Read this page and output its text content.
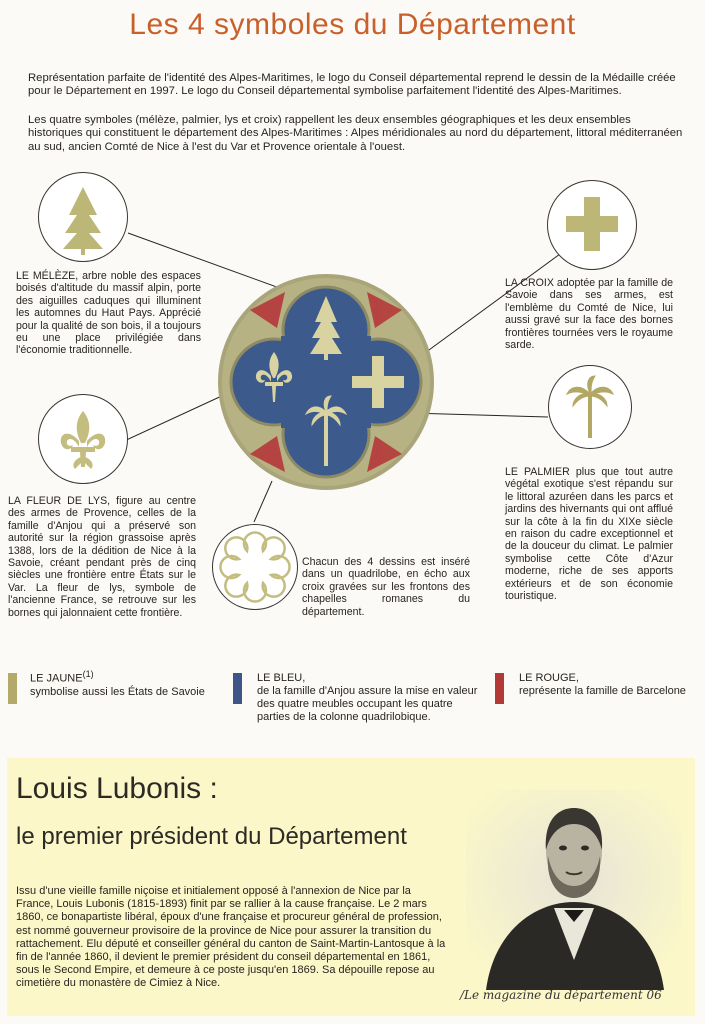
Les 4 symboles du Département
Représentation parfaite de l'identité des Alpes-Maritimes, le logo du Conseil départemental reprend le dessin de la Médaille créée pour le Département en 1997. Le logo du Conseil départemental symbolise parfaitement l'identité des Alpes-Maritimes.
Les quatre symboles (mélèze, palmier, lys et croix) rappellent les deux ensembles géographiques et les deux ensembles historiques qui constituent le département des Alpes-Maritimes : Alpes méridionales au nord du département, littoral méditerranéen au sud, ancien Comté de Nice à l'est du Var et Provence orientale à l'ouest.
LE MÉLÈZE, arbre noble des espaces boisés d'altitude du massif alpin, porte des aiguilles caduques qui illuminent les automnes du Haut Pays. Apprécié pour la qualité de son bois, il a toujours eu une place privilégiée dans l'économie traditionnelle.
LA CROIX adoptée par la famille de Savoie dans ses armes, est l'emblème du Comté de Nice, lui aussi gravé sur la face des bornes frontières tournées vers le royaume sarde.
LA FLEUR DE LYS, figure au centre des armes de Provence, celles de la famille d'Anjou qui a préservé son autorité sur la région grassoise après 1388, lors de la dédition de Nice à la Savoie, créant pendant près de cinq siècles une frontière entre États sur le Var. La fleur de lys, symbole de l'ancienne France, se retrouve sur les bornes qui jalonnaient cette frontière.
LE PALMIER plus que tout autre végétal exotique s'est répandu sur le littoral azuréen dans les parcs et jardins des hivernants qui ont afflué sur la côte à la fin du XIXe siècle en raison du cadre exceptionnel et de la douceur du climat. Le palmier symbolise cette Côte d'Azur moderne, riche de ses apports extérieurs et de son économie touristique.
Chacun des 4 dessins est inséré dans un quadrilobe, en écho aux croix gravées sur les frontons des chapelles romanes du département.
LE JAUNE$^{(1)}$
symbolise aussi les États de Savoie
LE BLEU,
de la famille d'Anjou assure la mise en valeur des quatre meubles occupant les quatre parties de la colonne quadrilobique.
LE ROUGE,
représente la famille de Barcelone
Louis Lubonis :
le premier président du Département
Issu d'une vieille famille niçoise et initialement opposé à l'annexion de Nice par la France, Louis Lubonis (1815-1893) finit par se rallier à la cause française. Le 2 mars 1860, ce bonapartiste libéral, époux d'une française et procureur général de profession, est nommé gouverneur provisoire de la province de Nice pour assurer la transition du rattachement. Elu député et conseiller général du canton de Saint-Martin-Lantosque à la fin de l'année 1860, il devient le premier président du conseil départemental en 1861, sous le Second Empire, et demeure à ce poste jusqu'en 1869. Sa dépouille repose au cimetière du monastère de Cimiez à Nice.
/Le magazine du département 06
